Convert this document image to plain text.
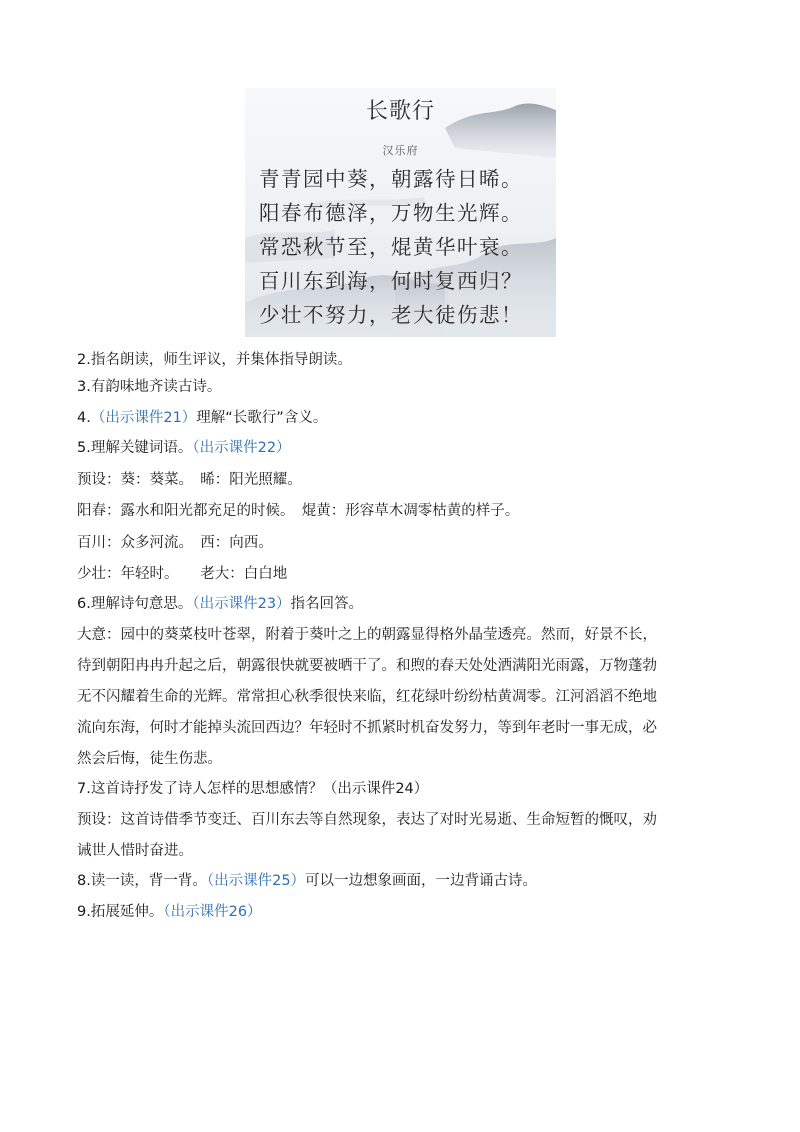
长歌行
汉乐府
青青园中葵，朝露待日晞。
阳春布德泽，万物生光辉。
常恐秋节至，焜黄华叶衰。
百川东到海，何时复西归？
少壮不努力，老大徒伤悲！
2.指名朗读，师生评议，并集体指导朗读。
3.有韵味地齐读古诗。
4.（出示课件21）理解“长歌行”含义。
5.理解关键词语。（出示课件22）
预设：葵：葵菜。　晞：阳光照耀。
阳春：露水和阳光都充足的时候。　焜黄：形容草木凋零枯黄的样子。
百川：众多河流。　西：向西。
少壮：年轻时。　　老大：白白地
6.理解诗句意思。（出示课件23）指名回答。
大意：园中的葵菜枝叶苍翠，附着于葵叶之上的朝露显得格外晶莹透亮。然而，好景不长，
待到朝阳冉冉升起之后，朝露很快就要被晒干了。和煦的春天处处洒满阳光雨露，万物蓬勃
无不闪耀着生命的光辉。常常担心秋季很快来临，红花绿叶纷纷枯黄凋零。江河滔滔不绝地
流向东海，何时才能掉头流回西边？年轻时不抓紧时机奋发努力，等到年老时一事无成，必
然会后悔，徒生伤悲。
7.这首诗抒发了诗人怎样的思想感情？（出示课件24）
预设：这首诗借季节变迁、百川东去等自然现象，表达了对时光易逝、生命短暂的慨叹，劝
诫世人惜时奋进。
8.读一读，背一背。（出示课件25）可以一边想象画面，一边背诵古诗。
9.拓展延伸。（出示课件26）
